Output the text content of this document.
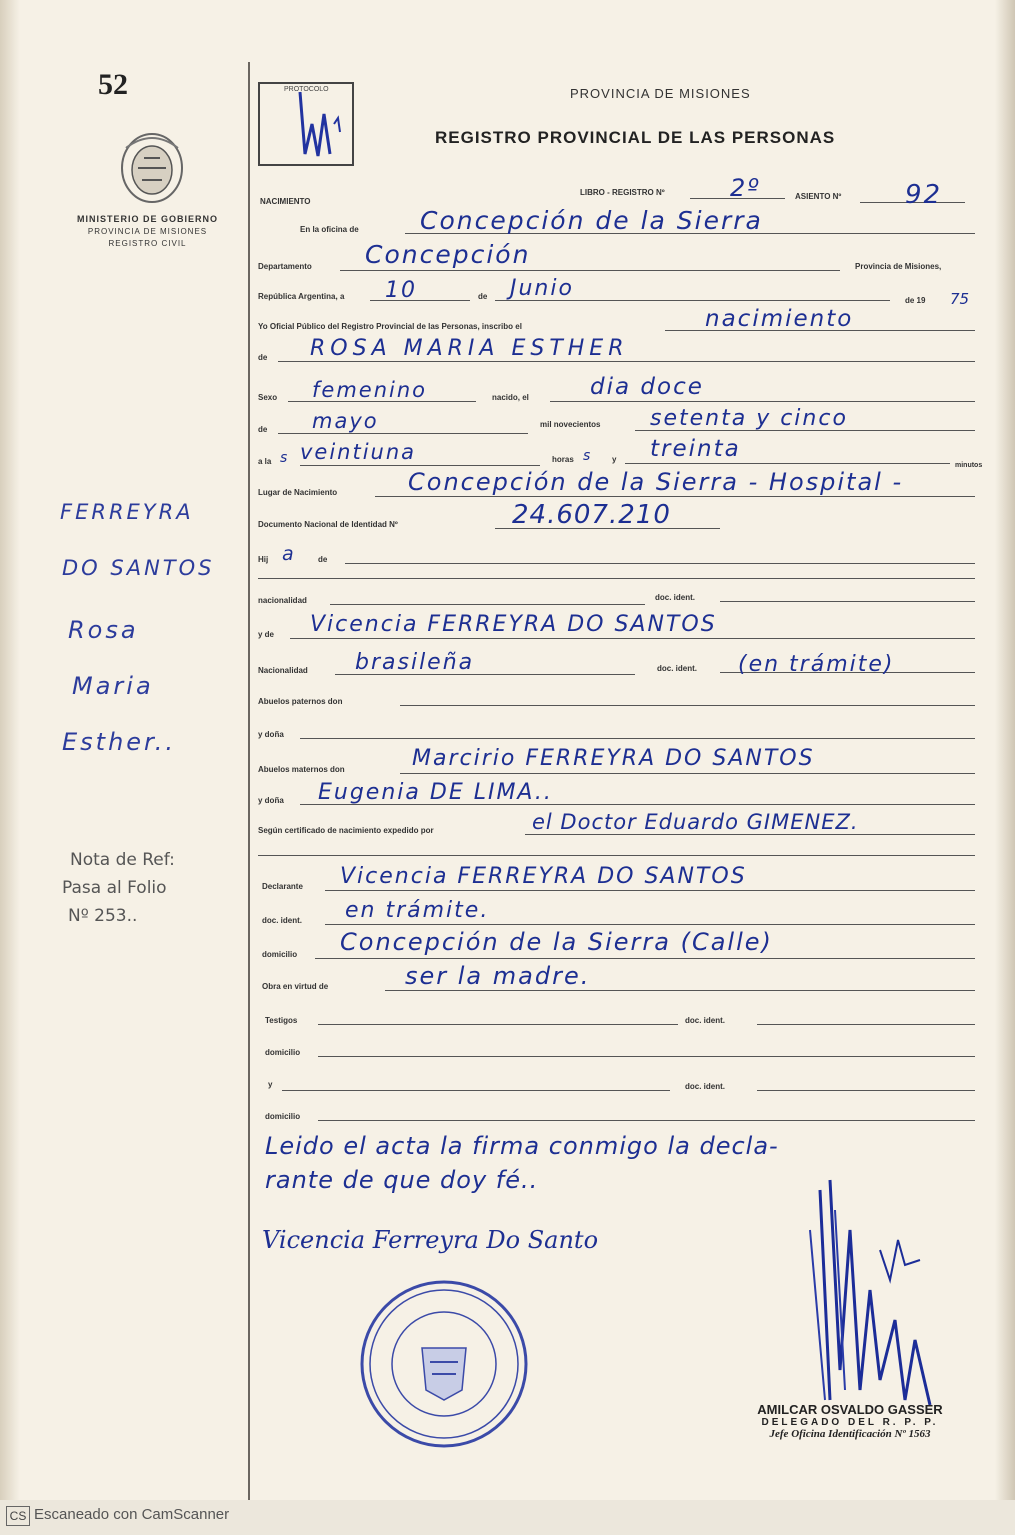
52
MINISTERIO DE GOBIERNO
PROVINCIA DE MISIONES
REGISTRO CIVIL
PROTOCOLO	PROVINCIA DE MISIONES
REGISTRO PROVINCIAL DE LAS PERSONAS
NACIMIENTO
LIBRO - REGISTRO Nº	2º	ASIENTO Nº 92
En la oficina de Concepción de la Sierra
Departamento Concepción	Provincia de Misiones,
República Argentina, a 10	de Junio	de 19 75
Yo Oficial Público del Registro Provincial de las Personas, inscribo el	nacimiento
de ROSA MARIA ESTHER
Sexo femenino	nacido, el	dia doce
de mayo	mil novecientos setenta y cinco
a la s veintiuna	horas s	y treinta
minutos
Lugar de Nacimiento	Concepción de la Sierra - Hospital -
Documento Nacional de Identidad Nº	24.607.210
Hij a	de
nacionalidad	doc. ident.
y de Vicencia FERREYRA DO SANTOS
Nacionalidad brasileña	doc. ident. (en trámite)
Abuelos paternos don
y doña
Abuelos maternos don	Marcirio FERREYRA DO SANTOS
y doña Eugenia DE LIMA..
Según certificado de nacimiento expedido por	el Doctor Eduardo GIMENEZ.
Declarante Vicencia FERREYRA DO SANTOS
doc. ident. en trámite.
domicilio Concepción de la Sierra (Calle)
Obra en virtud de	ser la madre.
Testigos	doc. ident.
domicilio
y	doc. ident.
domicilio
Leido el acta la firma conmigo la decla-
rante de que doy fé..
FERREYRA
DO SANTOS
Rosa
Maria
Esther..
Nota de Ref:
Pasa al Folio
Nº 253..
Vicencia Ferreyra Do Santo
AMILCAR OSVALDO GASSER
DELEGADO DEL R. P. P.
Jefe Oficina Identificación Nº 1563
CS Escaneado con CamScanner
